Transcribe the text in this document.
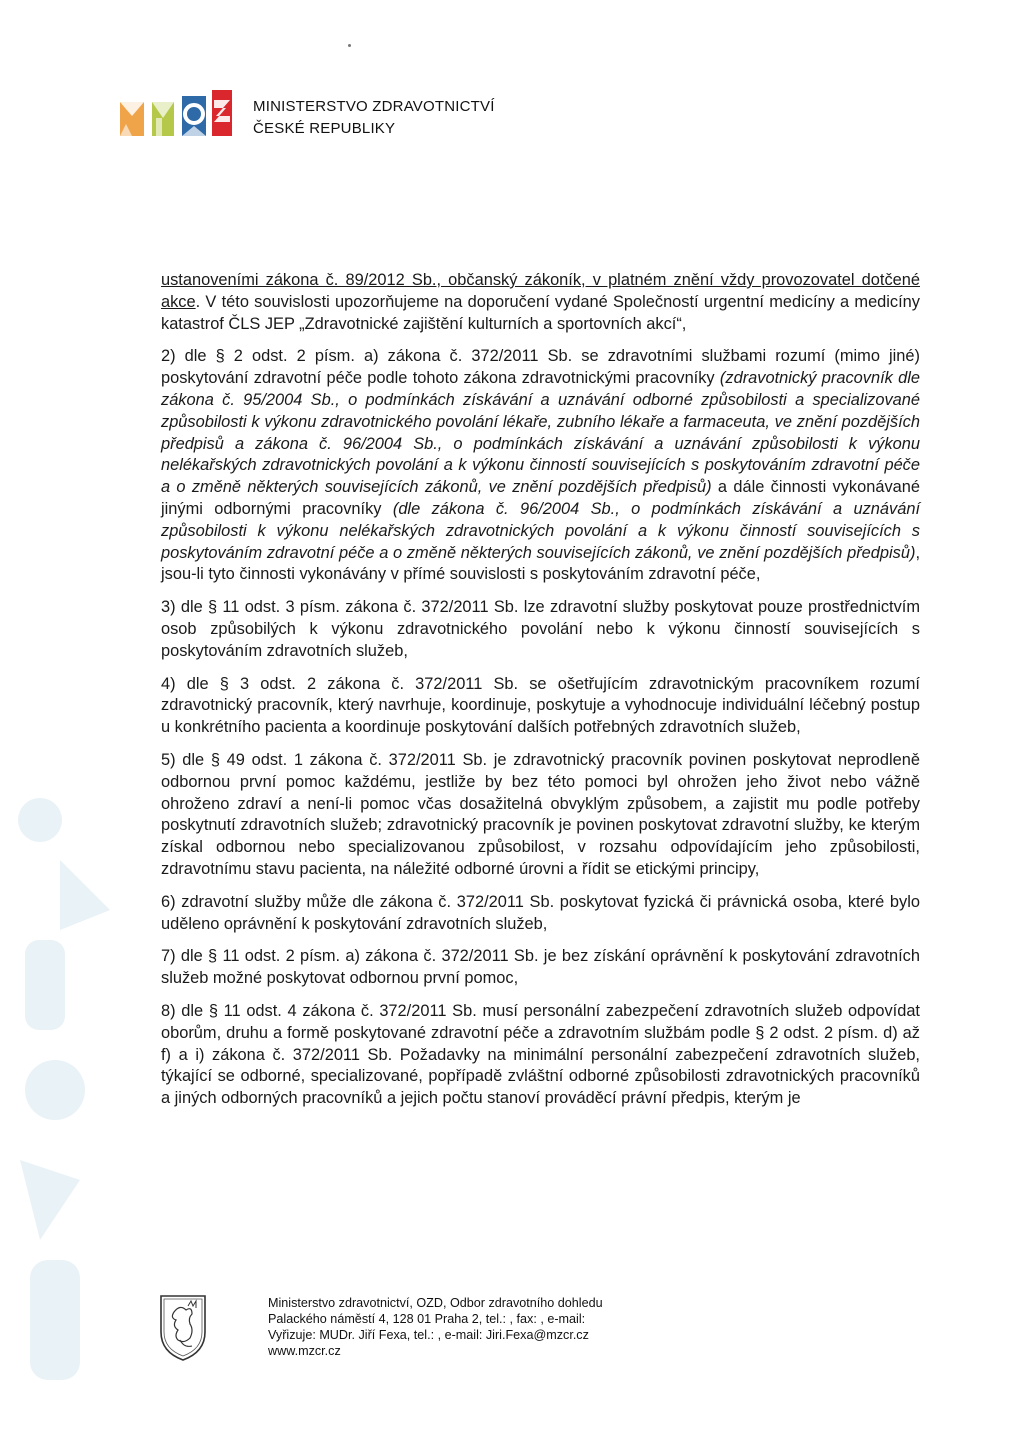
MINISTERSTVO ZDRAVOTNICTVÍ
ČESKÉ REPUBLIKY

ustanoveními zákona č. 89/2012 Sb., občanský zákoník, v platném znění vždy provozovatel dotčené akce. V této souvislosti upozorňujeme na doporučení vydané Společností urgentní medicíny a medicíny katastrof ČLS JEP „Zdravotnické zajištění kulturních a sportovních akcí“,

2) dle § 2 odst. 2 písm. a) zákona č. 372/2011 Sb. se zdravotními službami rozumí (mimo jiné) poskytování zdravotní péče podle tohoto zákona zdravotnickými pracovníky (zdravotnický pracovník dle zákona č. 95/2004 Sb., o podmínkách získávání a uznávání odborné způsobilosti a specializované způsobilosti k výkonu zdravotnického povolání lékaře, zubního lékaře a farmaceuta, ve znění pozdějších předpisů a zákona č. 96/2004 Sb., o podmínkách získávání a uznávání způsobilosti k výkonu nelékařských zdravotnických povolání a k výkonu činností souvisejících s poskytováním zdravotní péče a o změně některých souvisejících zákonů, ve znění pozdějších předpisů) a dále činnosti vykonávané jinými odbornými pracovníky (dle zákona č. 96/2004 Sb., o podmínkách získávání a uznávání způsobilosti k výkonu nelékařských zdravotnických povolání a k výkonu činností souvisejících s poskytováním zdravotní péče a o změně některých souvisejících zákonů, ve znění pozdějších předpisů), jsou-li tyto činnosti vykonávány v přímé souvislosti s poskytováním zdravotní péče,

3) dle § 11 odst. 3 písm. zákona č. 372/2011 Sb. lze zdravotní služby poskytovat pouze prostřednictvím osob způsobilých k výkonu zdravotnického povolání nebo k výkonu činností souvisejících s poskytováním zdravotních služeb,

4) dle § 3 odst. 2 zákona č. 372/2011 Sb. se ošetřujícím zdravotnickým pracovníkem rozumí zdravotnický pracovník, který navrhuje, koordinuje, poskytuje a vyhodnocuje individuální léčebný postup u konkrétního pacienta a koordinuje poskytování dalších potřebných zdravotních služeb,

5) dle § 49 odst. 1 zákona č. 372/2011 Sb. je zdravotnický pracovník povinen poskytovat neprodleně odbornou první pomoc každému, jestliže by bez této pomoci byl ohrožen jeho život nebo vážně ohroženo zdraví a není-li pomoc včas dosažitelná obvyklým způsobem, a zajistit mu podle potřeby poskytnutí zdravotních služeb; zdravotnický pracovník je povinen poskytovat zdravotní služby, ke kterým získal odbornou nebo specializovanou způsobilost, v rozsahu odpovídajícím jeho způsobilosti, zdravotnímu stavu pacienta, na náležité odborné úrovni a řídit se etickými principy,

6) zdravotní služby může dle zákona č. 372/2011 Sb. poskytovat fyzická či právnická osoba, které bylo uděleno oprávnění k poskytování zdravotních služeb,

7) dle § 11 odst. 2 písm. a) zákona č. 372/2011 Sb. je bez získání oprávnění k poskytování zdravotních služeb možné poskytovat odbornou první pomoc,

8) dle § 11 odst. 4 zákona č. 372/2011 Sb. musí personální zabezpečení zdravotních služeb odpovídat oborům, druhu a formě poskytované zdravotní péče a zdravotním službám podle § 2 odst. 2 písm. d) až f) a i) zákona č. 372/2011 Sb. Požadavky na minimální personální zabezpečení zdravotních služeb, týkající se odborné, specializované, popřípadě zvláštní odborné způsobilosti zdravotnických pracovníků a jiných odborných pracovníků a jejich počtu stanoví prováděcí právní předpis, kterým je

Ministerstvo zdravotnictví, OZD, Odbor zdravotního dohledu
Palackého náměstí 4, 128 01 Praha 2, tel.: , fax: , e-mail:
Vyřizuje: MUDr. Jiří Fexa, tel.: , e-mail: Jiri.Fexa@mzcr.cz
www.mzcr.cz
